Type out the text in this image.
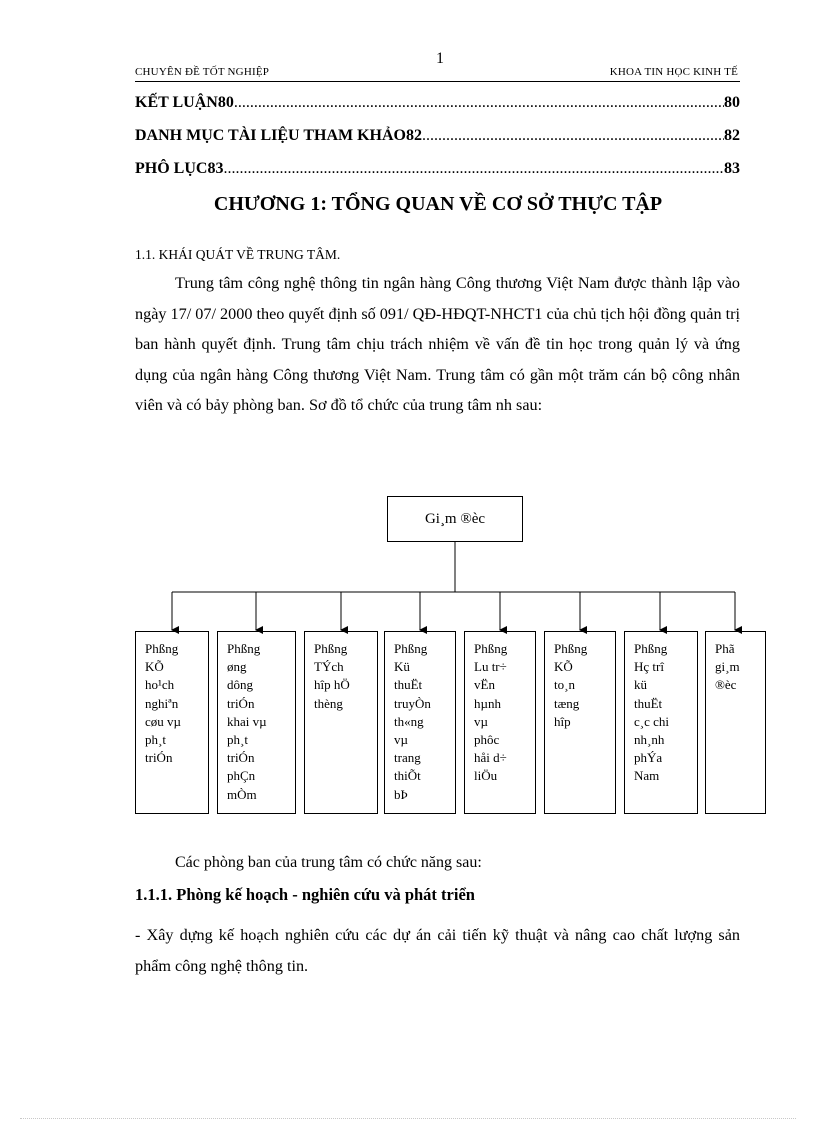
CHUYÊN ĐỀ TỐT NGHIỆP
1
KHOA TIN HỌC KINH TẾ
KẾT LUẬN80 .....	80
DANH MỤC TÀI LIỆU THAM KHẢO82 .....	82
PHÔ LỤC83 .....	83
CHƯƠNG 1: TỔNG QUAN VỀ CƠ SỞ THỰC TẬP
1.1. KHÁI QUÁT VỀ TRUNG TÂM.
Trung tâm công nghệ thông tin ngân hàng Công thương Việt Nam được thành lập vào ngày 17/ 07/ 2000 theo quyết định số 091/ QĐ-HĐQT-NHCT1 của chủ tịch hội đồng quản trị ban hành quyết định. Trung tâm chịu trách nhiệm về vấn đề tin học trong quản lý và ứng dụng của ngân hàng Công thương Việt Nam. Trung tâm có gần một trăm cán bộ công nhân viên và có bảy phòng ban. Sơ đồ tổ chức của trung tâm nh sau:
Gi¸m ®èc
Phßng
KÕ
ho¹ch
nghiªn
cøu vµ
ph¸t
triÓn
Phßng
øng
dông
triÓn
khai vµ
ph¸t
triÓn
phÇn
mÒm
Phßng
TÝch
hîp hÖ
thèng
Phßng
Kü
thuËt
truyÒn
th«ng
vµ
trang
thiÕt
bÞ
Phßng
Lu tr÷
vËn
hµnh
vµ
phôc
håi d÷
liÖu
Phßng
KÕ
to¸n
tæng
hîp
Phßng
Hç trî
kü
thuËt
c¸c chi
nh¸nh
phÝa
Nam
Phã
gi¸m
®èc
Các phòng ban của trung tâm có chức năng sau:
1.1.1. Phòng kế hoạch - nghiên cứu và phát triển
- Xây dựng kế hoạch nghiên cứu các dự án cải tiến kỹ thuật và nâng cao chất lượng sản phẩm công nghệ thông tin.
